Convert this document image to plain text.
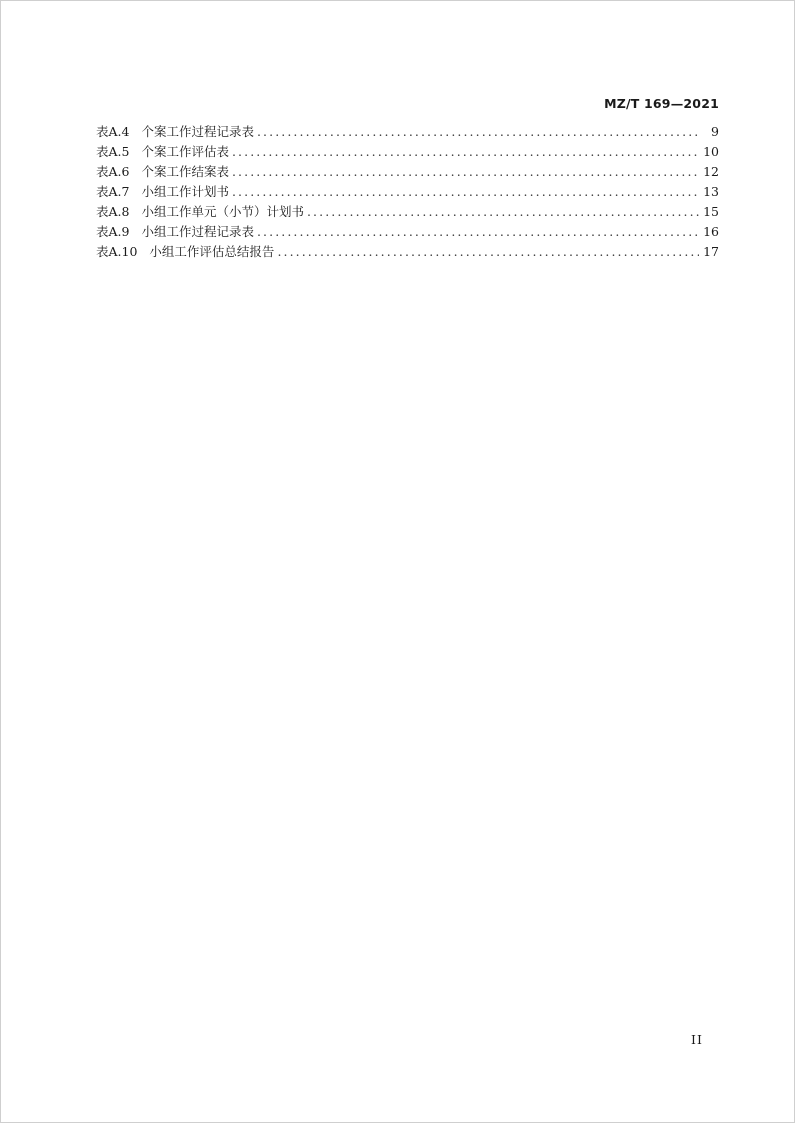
MZ/T 169—2021
表A.4 个案工作过程记录表 .....	9
表A.5 个案工作评估表 .....	10
表A.6 个案工作结案表 .....	12
表A.7 小组工作计划书 .....	13
表A.8 小组工作单元（小节）计划书 .....	15
表A.9 小组工作过程记录表 .....	16
表A.10 小组工作评估总结报告 .....	17
II
